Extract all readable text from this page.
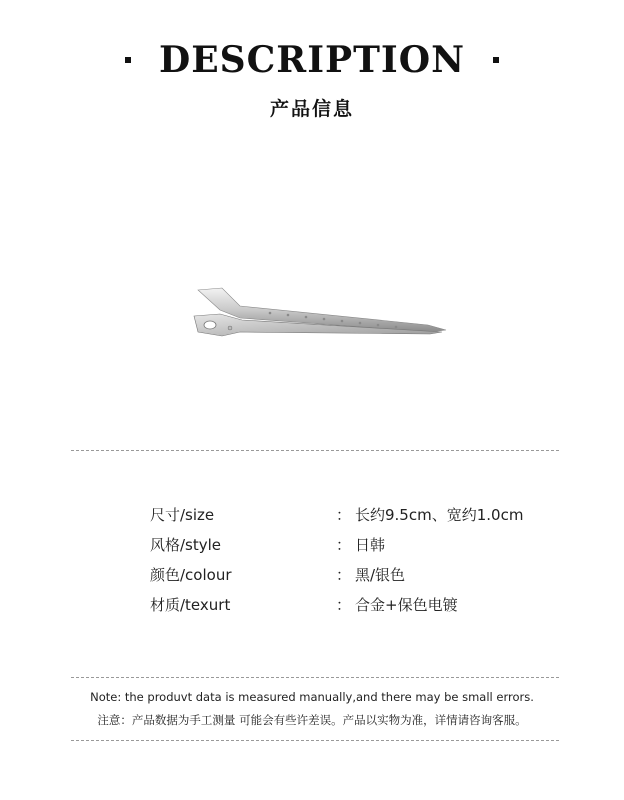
DESCRIPTION
产品信息
尺寸/size	： 长约9.5cm、宽约1.0cm
风格/style	： 日韩
颜色/colour	： 黑/银色
材质/texurt	： 合金+保色电镀
Note: the produvt data is measured manually,and there may be small errors.
注意：产品数据为手工测量 可能会有些许差误。产品以实物为准，详情请咨询客服。
